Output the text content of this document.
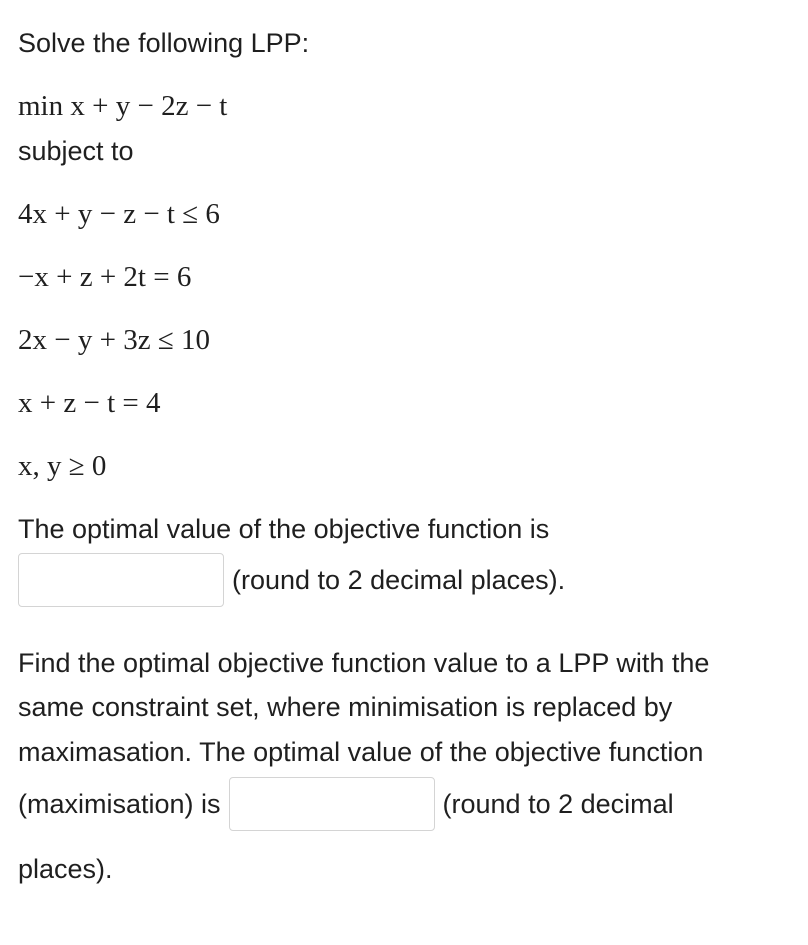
Solve the following LPP:
min x + y − 2z − t
subject to
4x + y − z − t ≤ 6
−x + z + 2t = 6
2x − y + 3z ≤ 10
x + z − t = 4
x, y ≥ 0
The optimal value of the objective function is
(round to 2 decimal places).
Find the optimal objective function value to a LPP with the
same constraint set, where minimisation is replaced by
maximasation. The optimal value of the objective function
(maximisation) is	(round to 2 decimal
places).
